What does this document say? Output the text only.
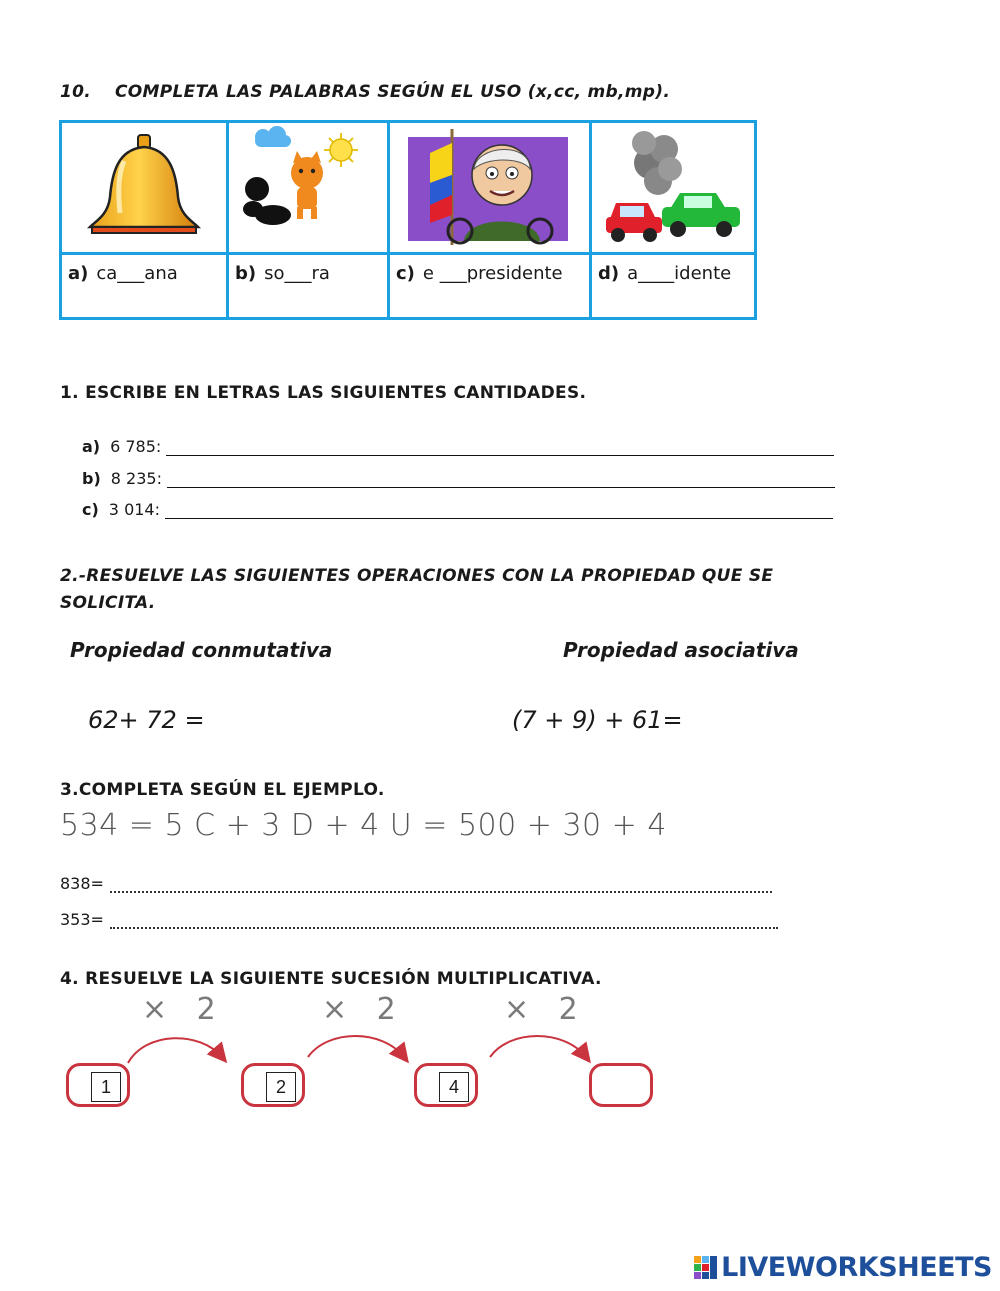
10. COMPLETA LAS PALABRAS SEGÚN EL USO (x,cc, mb,mp).
a) ca___ana	b) so___ra	c) e ___presidente d) a____idente
1. ESCRIBE EN LETRAS LAS SIGUIENTES CANTIDADES.
a) 6 785:
b) 8 235:
c) 3 014:
2.-RESUELVE LAS SIGUIENTES OPERACIONES CON LA PROPIEDAD QUE SE SOLICITA.
Propiedad conmutativa	Propiedad asociativa
62+ 72 =	(7 + 9) + 61=
3.COMPLETA SEGÚN EL EJEMPLO.
534 = 5 C + 3 D + 4 U = 500 + 30 + 4
838=
353=
4. RESUELVE LA SIGUIENTE SUCESIÓN MULTIPLICATIVA.
× 2	× 2	× 2
1	2	4
LIVEWORKSHEETS
